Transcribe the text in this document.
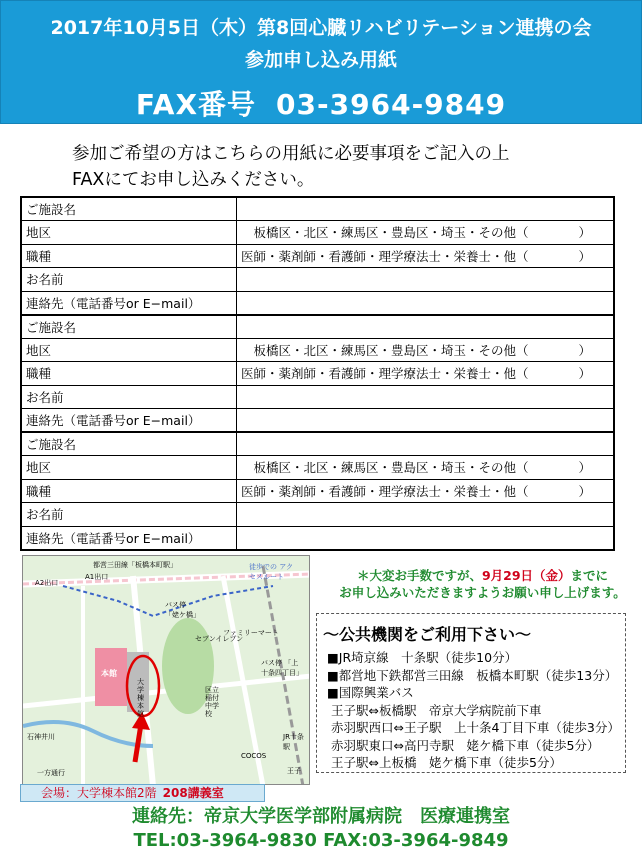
2017年10月5日（木）第8回心臓リハビリテーション連携の会
参加申し込み用紙
FAX番号 03-3964-9849
参加ご希望の方はこちらの用紙に必要事項をご記入の上
FAXにてお申し込みください。
ご施設名	
地区	板橋区・北区・練馬区・豊島区・埼玉・その他（　　　　）
職種	医師・薬剤師・看護師・理学療法士・栄養士・他（　　　　）
お名前	
連絡先（電話番号or E−mail）	
ご施設名	
地区	板橋区・北区・練馬区・豊島区・埼玉・その他（　　　　）
職種	医師・薬剤師・看護師・理学療法士・栄養士・他（　　　　）
お名前	
連絡先（電話番号or E−mail）	
ご施設名	
地区	板橋区・北区・練馬区・豊島区・埼玉・その他（　　　　）
職種	医師・薬剤師・看護師・理学療法士・栄養士・他（　　　　）
お名前	
連絡先（電話番号or E−mail）	
都営三田線「板橋本町駅」
A1出口
A2出口
徒歩での アクセスルート
バス停 「姥ケ橋」
バス停 「上十条四丁目」
本館
大学棟本館
セブンイレブン
ファミリーマート
区立稲付中学校
COCOS
一方通行
JR十条駅
王子
石神井川
会場：大学棟本館2階 208講義室
＊大変お手数ですが、9月29日（金）までに
お申し込みいただきますようお願い申し上げます。
～公共機関をご利用下さい～
■JR埼京線　十条駅（徒歩10分）
■都営地下鉄都営三田線　板橋本町駅（徒歩13分）
■国際興業バス
王子駅⇔板橋駅　帝京大学病院前下車
赤羽駅西口⇔王子駅　上十条4丁目下車（徒歩3分）
赤羽駅東口⇔高円寺駅　姥ケ橋下車（徒歩5分）
王子駅⇔上板橋　姥ケ橋下車（徒歩5分）
連絡先：帝京大学医学部附属病院　医療連携室
TEL:03-3964-9830 FAX:03-3964-9849
